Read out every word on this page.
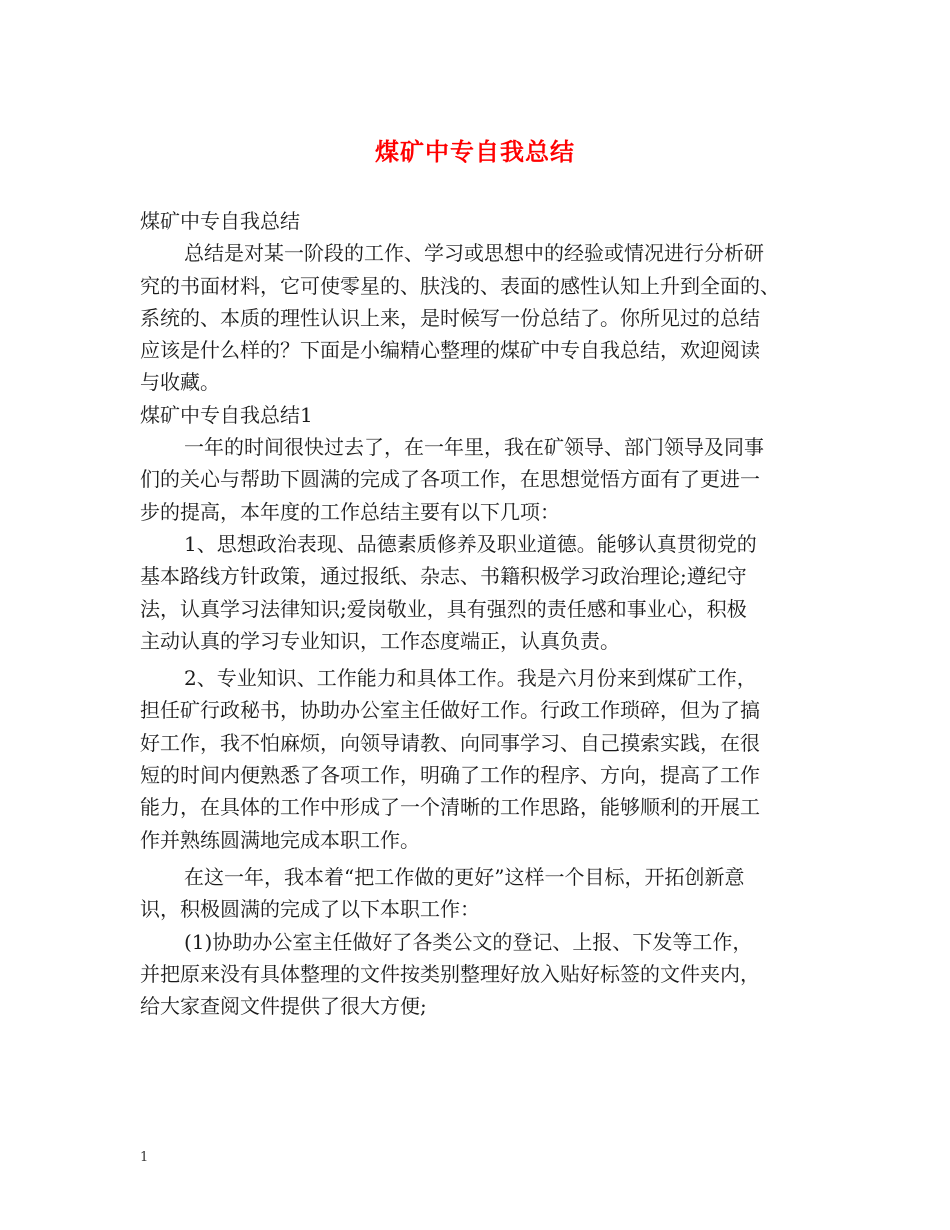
煤矿中专自我总结

煤矿中专自我总结

总结是对某一阶段的工作、学习或思想中的经验或情况进行分析研

究的书面材料，它可使零星的、肤浅的、表面的感性认知上升到全面的、

系统的、本质的理性认识上来，是时候写一份总结了。你所见过的总结

应该是什么样的？下面是小编精心整理的煤矿中专自我总结，欢迎阅读

与收藏。

煤矿中专自我总结1

一年的时间很快过去了，在一年里，我在矿领导、部门领导及同事

们的关心与帮助下圆满的完成了各项工作，在思想觉悟方面有了更进一

步的提高，本年度的工作总结主要有以下几项：

1、思想政治表现、品德素质修养及职业道德。能够认真贯彻党的

基本路线方针政策，通过报纸、杂志、书籍积极学习政治理论;遵纪守

法，认真学习法律知识;爱岗敬业，具有强烈的责任感和事业心，积极

主动认真的学习专业知识，工作态度端正，认真负责。

2、专业知识、工作能力和具体工作。我是六月份来到煤矿工作，

担任矿行政秘书，协助办公室主任做好工作。行政工作琐碎，但为了搞

好工作，我不怕麻烦，向领导请教、向同事学习、自己摸索实践，在很

短的时间内便熟悉了各项工作，明确了工作的程序、方向，提高了工作

能力，在具体的工作中形成了一个清晰的工作思路，能够顺利的开展工

作并熟练圆满地完成本职工作。

在这一年，我本着“把工作做的更好”这样一个目标，开拓创新意

识，积极圆满的完成了以下本职工作：

(1)协助办公室主任做好了各类公文的登记、上报、下发等工作，

并把原来没有具体整理的文件按类别整理好放入贴好标签的文件夹内，

给大家查阅文件提供了很大方便;

1
